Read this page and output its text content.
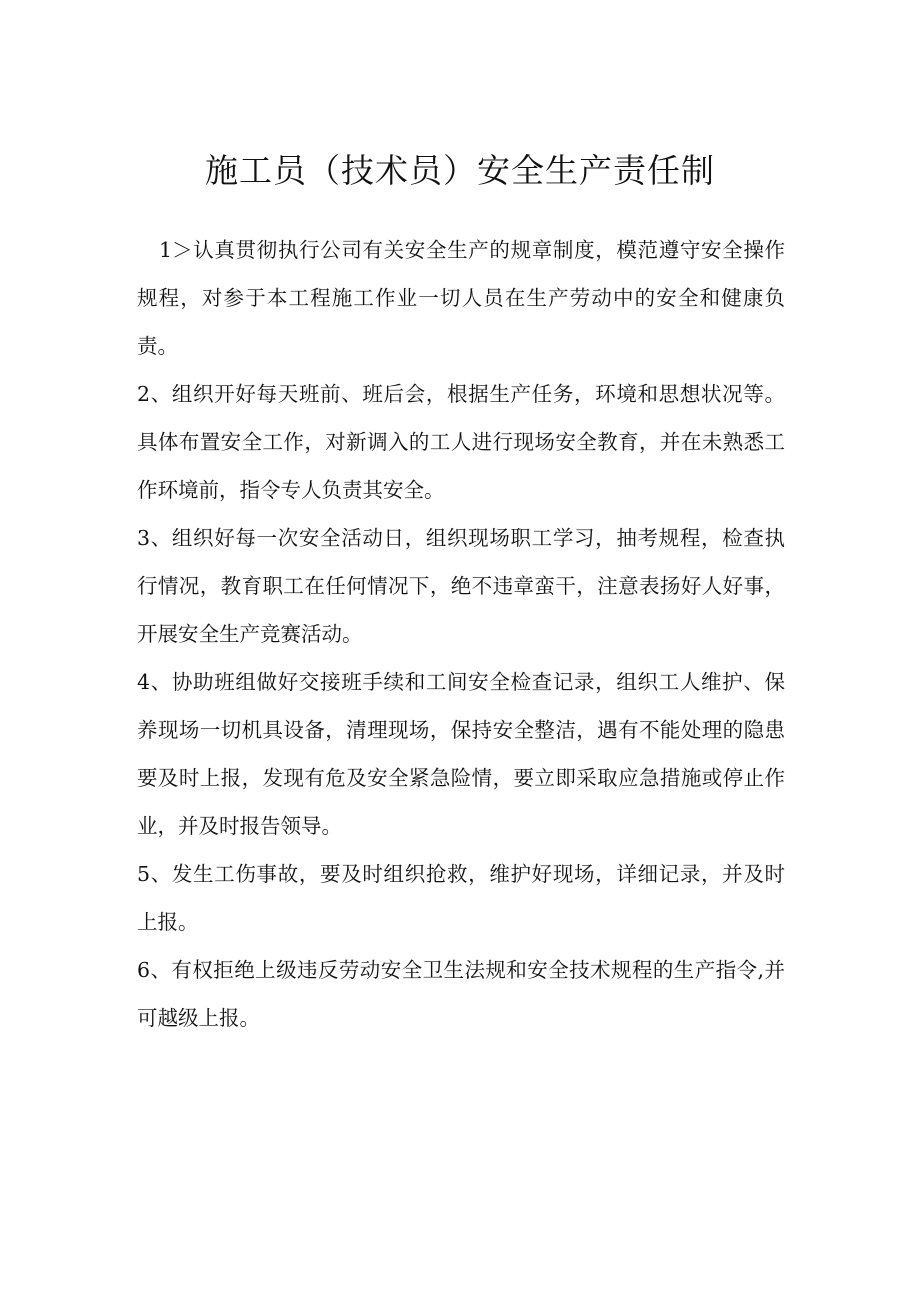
施工员（技术员）安全生产责任制

1＞认真贯彻执行公司有关安全生产的规章制度，模范遵守安全操作规程，对参于本工程施工作业一切人员在生产劳动中的安全和健康负责。

2、组织开好每天班前、班后会，根据生产任务，环境和思想状况等。具体布置安全工作，对新调入的工人进行现场安全教育，并在未熟悉工作环境前，指令专人负责其安全。

3、组织好每一次安全活动日，组织现场职工学习，抽考规程，检查执行情况，教育职工在任何情况下，绝不违章蛮干，注意表扬好人好事，开展安全生产竞赛活动。

4、协助班组做好交接班手续和工间安全检查记录，组织工人维护、保养现场一切机具设备，清理现场，保持安全整洁，遇有不能处理的隐患要及时上报，发现有危及安全紧急险情，要立即采取应急措施或停止作业，并及时报告领导。

5、发生工伤事故，要及时组织抢救，维护好现场，详细记录，并及时上报。

6、有权拒绝上级违反劳动安全卫生法规和安全技术规程的生产指令,并可越级上报。
